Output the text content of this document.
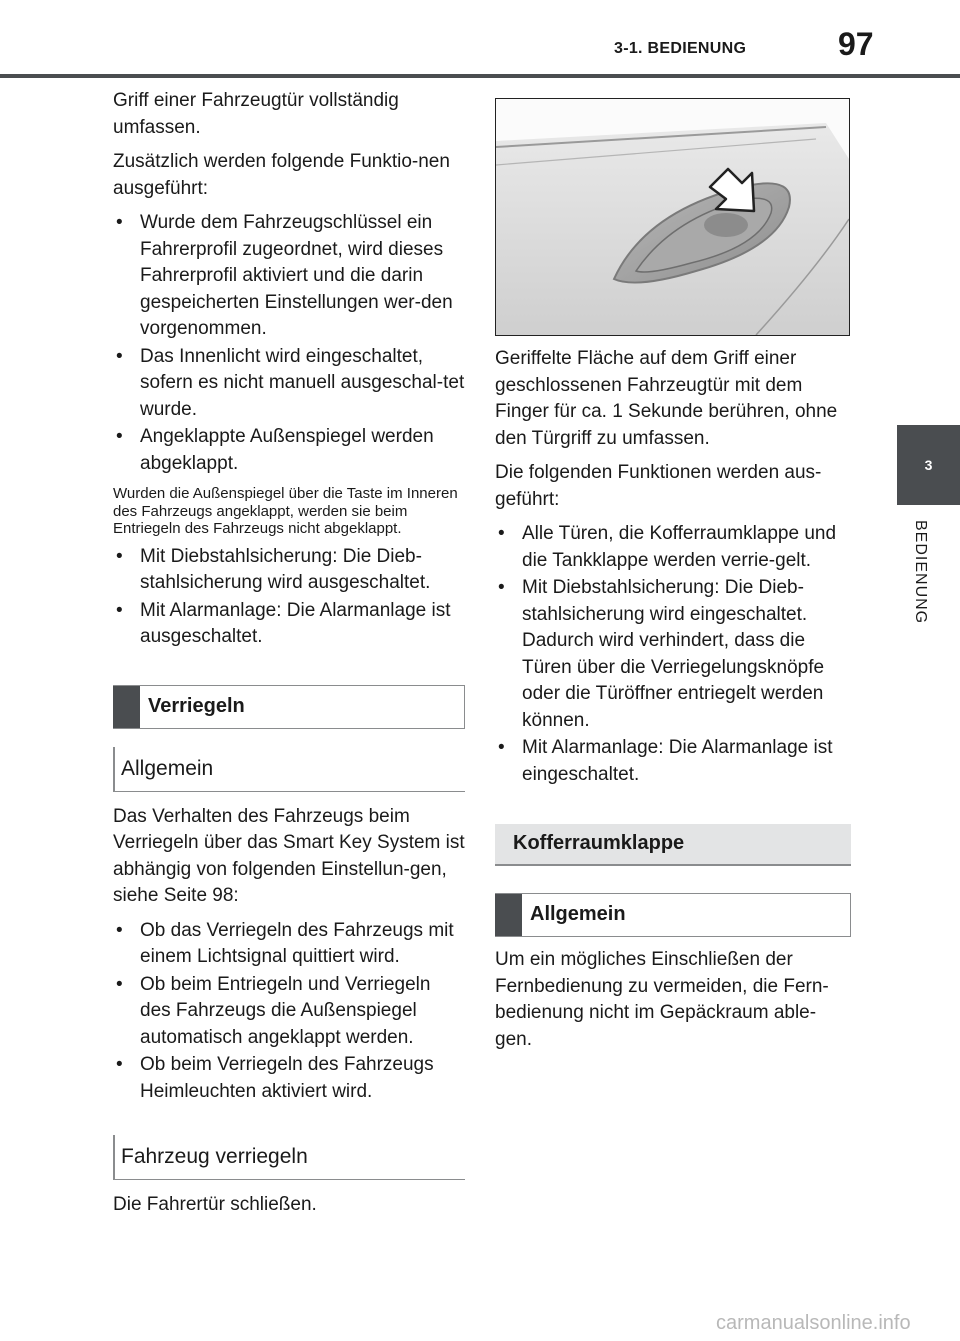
3-1. BEDIENUNG	97
3
BEDIENUNG

Griff einer Fahrzeugtür vollständig umfassen.

Zusätzlich werden folgende Funktio-nen ausgeführt:

• Wurde dem Fahrzeugschlüssel ein Fahrerprofil zugeordnet, wird dieses Fahrerprofil aktiviert und die darin gespeicherten Einstellungen wer-den vorgenommen.
• Das Innenlicht wird eingeschaltet, sofern es nicht manuell ausgeschal-tet wurde.
• Angeklappte Außenspiegel werden abgeklappt.

Wurden die Außenspiegel über die Taste im Inneren des Fahrzeugs angeklappt, werden sie beim Entriegeln des Fahrzeugs nicht abgeklappt.

• Mit Diebstahlsicherung: Die Dieb-stahlsicherung wird ausgeschaltet.
• Mit Alarmanlage: Die Alarmanlage ist ausgeschaltet.
Verriegeln
Allgemein

Das Verhalten des Fahrzeugs beim Verriegeln über das Smart Key System ist abhängig von folgenden Einstellun-gen, siehe Seite 98:

• Ob das Verriegeln des Fahrzeugs mit einem Lichtsignal quittiert wird.
• Ob beim Entriegeln und Verriegeln des Fahrzeugs die Außenspiegel automatisch angeklappt werden.
• Ob beim Verriegeln des Fahrzeugs Heimleuchten aktiviert wird.
Fahrzeug verriegeln

Die Fahrertür schließen.

Geriffelte Fläche auf dem Griff einer geschlossenen Fahrzeugtür mit dem Finger für ca. 1 Sekunde berühren, ohne den Türgriff zu umfassen.

Die folgenden Funktionen werden aus-geführt:

• Alle Türen, die Kofferraumklappe und die Tankklappe werden verrie-gelt.
• Mit Diebstahlsicherung: Die Dieb-stahlsicherung wird eingeschaltet. Dadurch wird verhindert, dass die Türen über die Verriegelungsknöpfe oder die Türöffner entriegelt werden können.
• Mit Alarmanlage: Die Alarmanlage ist eingeschaltet.
Kofferraumklappe
Allgemein

Um ein mögliches Einschließen der Fernbedienung zu vermeiden, die Fern-bedienung nicht im Gepäckraum able-gen.

carmanualsonline.info
